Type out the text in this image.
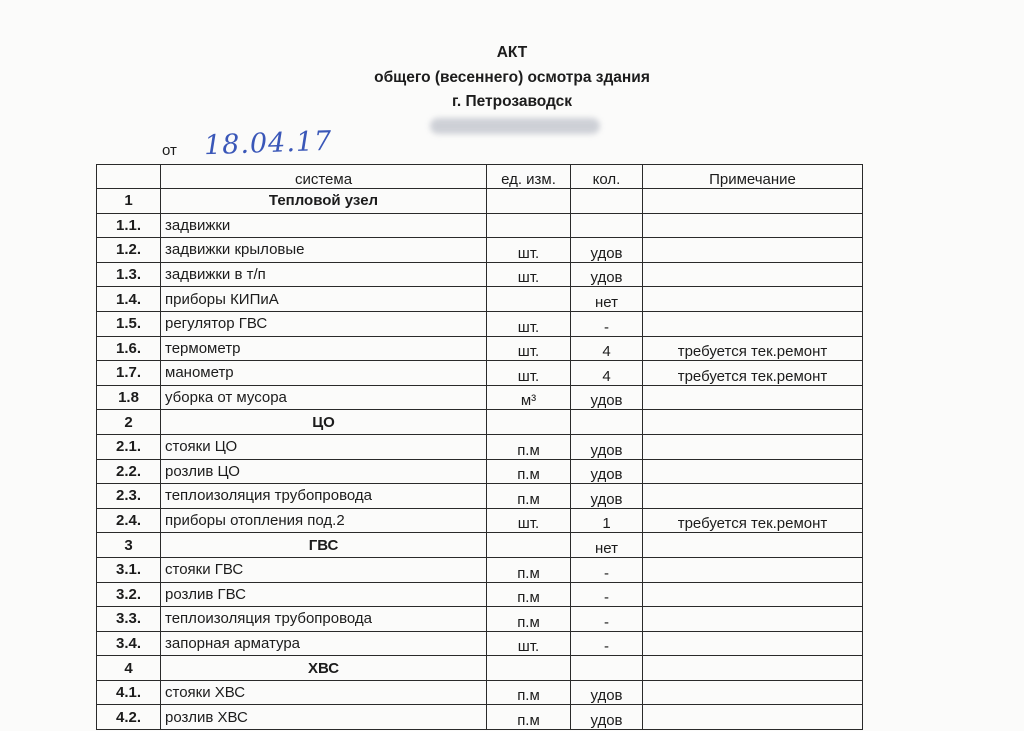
АКТ
общего (весеннего) осмотра здания
г. Петрозаводск
от 18.04.17
	система	ед. изм.	кол.	Примечание
1	Тепловой узел			
1.1.	задвижки			
1.2.	задвижки крыловые	шт.	удов	
1.3.	задвижки в т/п	шт.	удов	
1.4.	приборы КИПиА		нет	
1.5.	регулятор ГВС	шт.	-	
1.6.	термометр	шт.	4	требуется тек.ремонт
1.7.	манометр	шт.	4	требуется тек.ремонт
1.8	уборка от мусора	м³	удов	
2	ЦО			
2.1.	стояки ЦО	п.м	удов	
2.2.	розлив ЦО	п.м	удов	
2.3.	теплоизоляция трубопровода	п.м	удов	
2.4.	приборы отопления под.2	шт.	1	требуется тек.ремонт
3	ГВС		нет	
3.1.	стояки ГВС	п.м	-	
3.2.	розлив ГВС	п.м	-	
3.3.	теплоизоляция трубопровода	п.м	-	
3.4.	запорная арматура	шт.	-	
4	ХВС			
4.1.	стояки ХВС	п.м	удов	
4.2.	розлив ХВС	п.м	удов	
